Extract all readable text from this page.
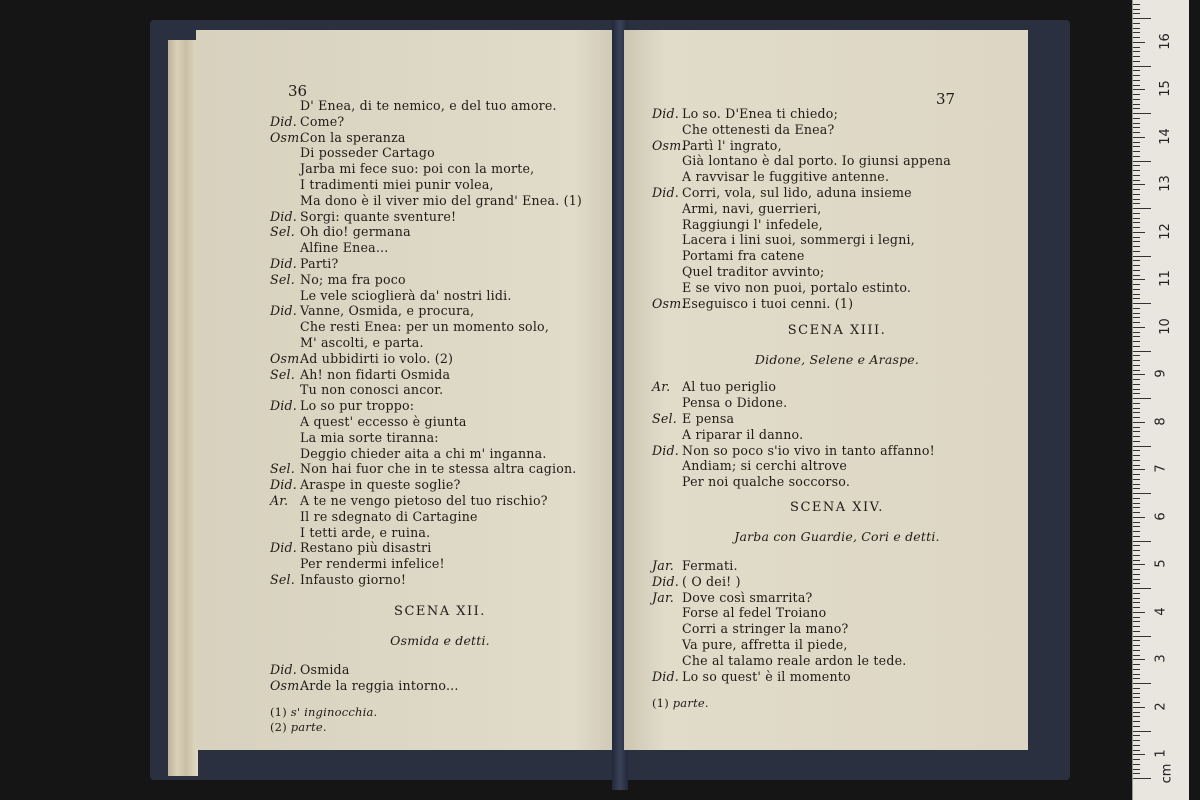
36
D' Enea, di te nemico, e del tuo amore.
Did. Come?
Osm.Con la speranza
Di posseder Cartago
Jarba mi fece suo: poi con la morte,
I tradimenti miei punir volea,
Ma dono è il viver mio del grand' Enea. (1)
Did. Sorgi: quante sventure!
Sel. Oh dio! germana
Alfine Enea...
Did. Parti?
Sel. No; ma fra poco
Le vele scioglierà da' nostri lidi.
Did. Vanne, Osmida, e procura,
Che resti Enea: per un momento solo,
M' ascolti, e parta.
Osm.Ad ubbidirti io volo. (2)
Sel. Ah! non fidarti Osmida
Tu non conosci ancor.
Did. Lo so pur troppo:
A quest' eccesso è giunta
La mia sorte tiranna:
Deggio chieder aita a chi m' inganna.
Sel. Non hai fuor che in te stessa altra cagion.
Did. Araspe in queste soglie?
Ar. A te ne vengo pietoso del tuo rischio?
Il re sdegnato di Cartagine
I tetti arde, e ruina.
Did. Restano più disastri
Per rendermi infelice!
Sel. Infausto giorno!
SCENA XII.
Osmida e detti.
Did. Osmida
Osm.Arde la reggia intorno...
(1) s' inginocchia.
(2) parte.
37
Did. Lo so. D'Enea ti chiedo;
Che ottenesti da Enea?
Osm.Partì l' ingrato,
Già lontano è dal porto. Io giunsi appena
A ravvisar le fuggitive antenne.
Did. Corri, vola, sul lido, aduna insieme
Armi, navi, guerrieri,
Raggiungi l' infedele,
Lacera i lini suoi, sommergi i legni,
Portami fra catene
Quel traditor avvinto;
E se vivo non puoi, portalo estinto.
Osm.Eseguisco i tuoi cenni. (1)
SCENA XIII.
Didone, Selene e Araspe.
Ar. Al tuo periglio
Pensa o Didone.
Sel. E pensa
A riparar il danno.
Did. Non so poco s'io vivo in tanto affanno!
Andiam; si cerchi altrove
Per noi qualche soccorso.
SCENA XIV.
Jarba con Guardie, Cori e detti.
Jar. Fermati.
Did. ( O dei! )
Jar. Dove così smarrita?
Forse al fedel Troiano
Corri a stringer la mano?
Va pure, affretta il piede,
Che al talamo reale ardon le tede.
Did. Lo so quest' è il momento
(1) parte.
cm
16
15
14
13
12
11
10
9
8
7
6
5
4
3
2
1
